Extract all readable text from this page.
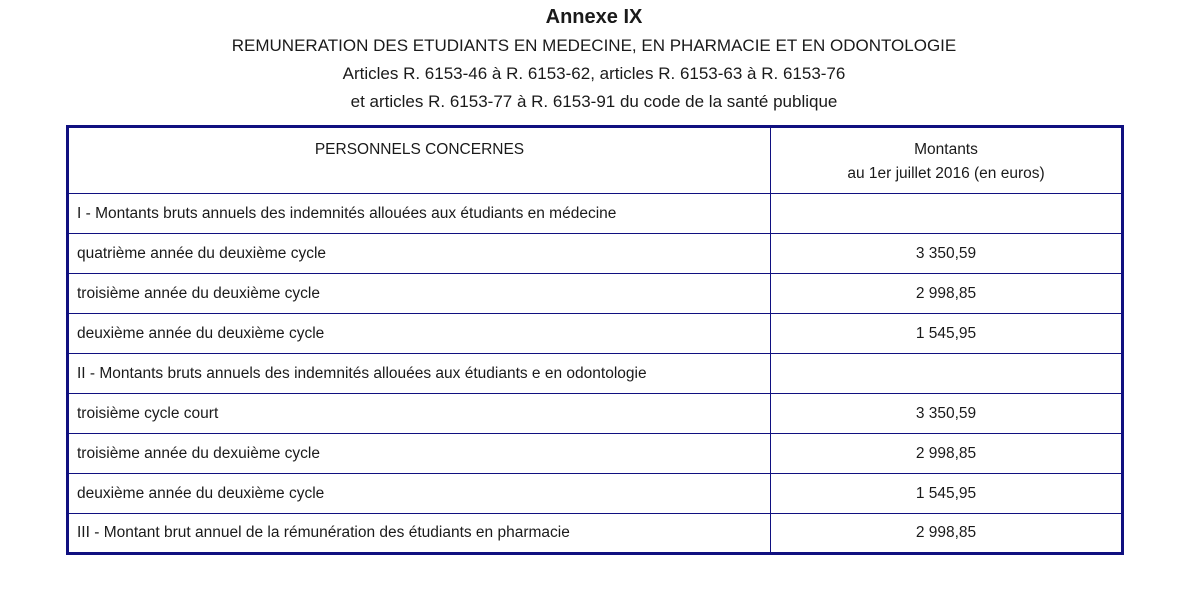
Annexe IX
REMUNERATION DES ETUDIANTS EN MEDECINE, EN PHARMACIE ET EN ODONTOLOGIE
Articles R. 6153-46 à R. 6153-62, articles R. 6153-63 à R. 6153-76
et articles R. 6153-77 à R. 6153-91 du code de la santé publique
PERSONNELS CONCERNES	Montants
au 1er juillet 2016 (en euros)

I - Montants bruts annuels des indemnités allouées aux étudiants en médecine	
quatrième année du deuxième cycle	3 350,59
troisième année du deuxième cycle	2 998,85
deuxième année du deuxième cycle	1 545,95
II - Montants bruts annuels des indemnités allouées aux étudiants e en odontologie	
troisième cycle court	3 350,59
troisième année du dexuième cycle	2 998,85
deuxième année du deuxième cycle	1 545,95
III - Montant brut annuel de la rémunération des étudiants en pharmacie	2 998,85
